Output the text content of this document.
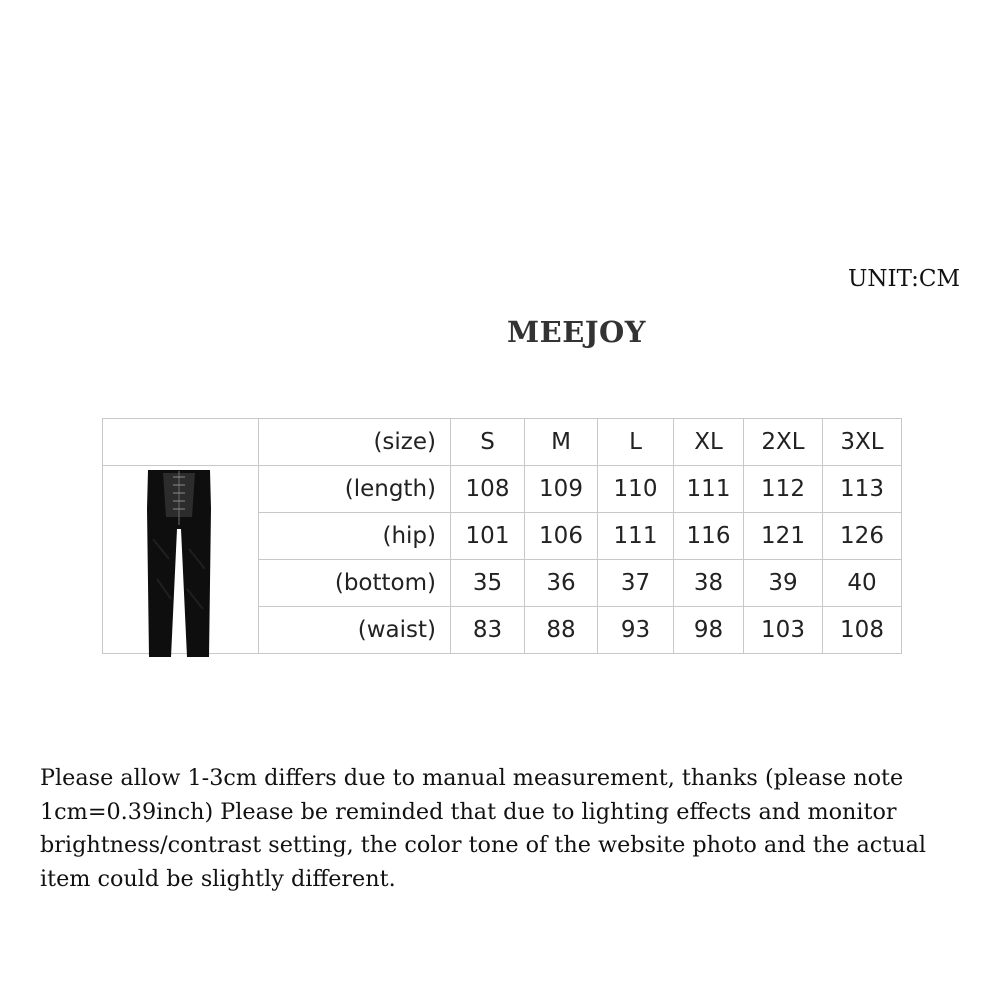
UNIT:CM
MEEJOY
	(size)	S	M	L	XL	2XL	3XL

	(length)	108	109	110	111	112	113
	(hip)	101	106	111	116	121	126
	(bottom)	35	36	37	38	39	40
	(waist)	83	88	93	98	103	108

Please allow 1-3cm differs due to manual measurement, thanks (please note 1cm=0.39inch) Please be reminded that due to lighting effects and monitor brightness/contrast setting, the color tone of the website photo and the actual item could be slightly different.
